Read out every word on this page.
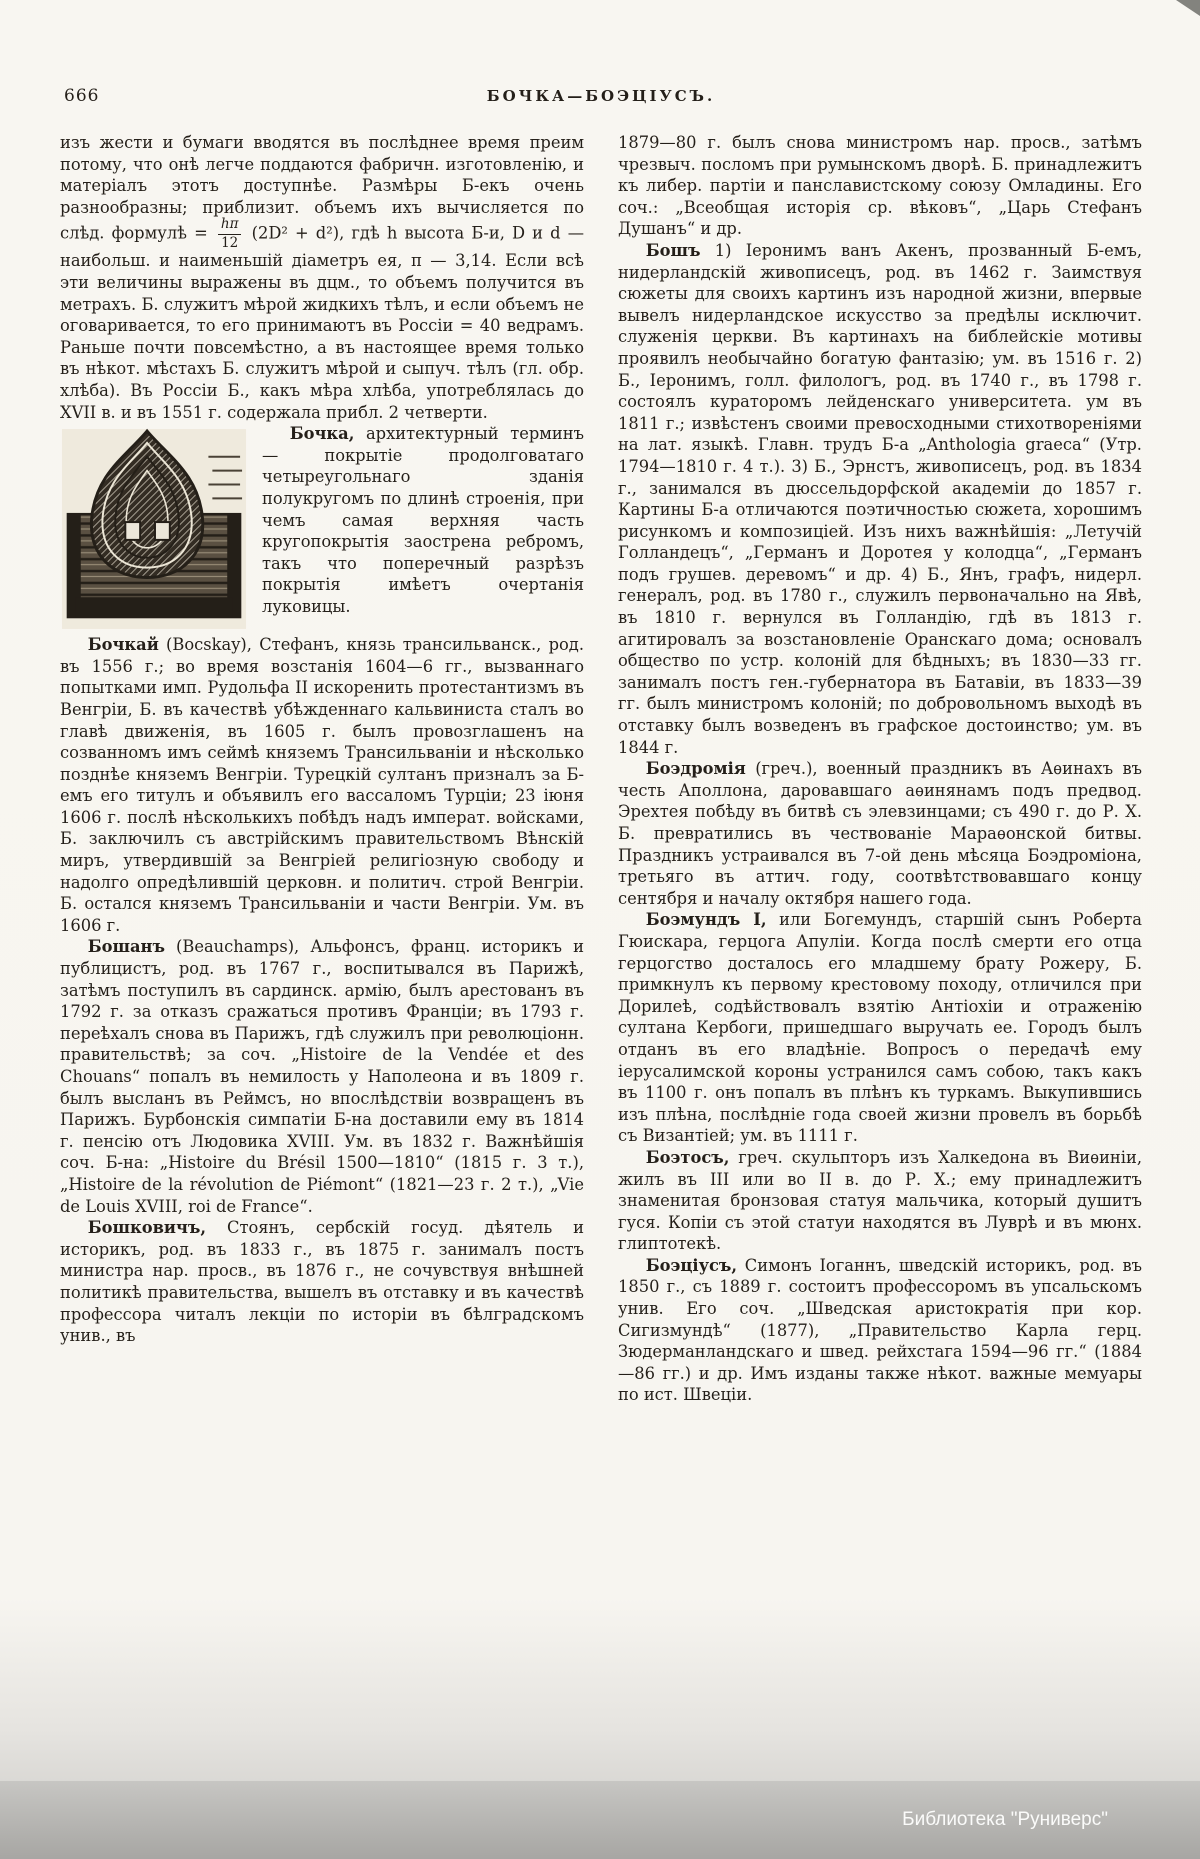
666	БОЧКА—БОЭЦІУСЪ.

изъ жести и бумаги вводятся въ послѣднее время преим потому, что онѣ легче поддаются фабричн. изготовленію, и матеріалъ этотъ доступнѣе. Размѣры Б-екъ очень разнообразны; приблизит. объемъ ихъ вычисляется по слѣд. формулѣ = $\frac{h\pi}{12} (2D^2 + d^2)$, гдѣ h высота Б-и, D и d — наибольш. и наименьшій діаметръ ея, π — 3,14. Если всѣ эти величины выражены въ дцм., то объемъ получится въ метрахъ. Б. служитъ мѣрой жидкихъ тѣлъ, и если объемъ не оговаривается, то его принимаютъ въ Россіи = 40 ведрамъ. Раньше почти повсемѣстно, а въ настоящее время только въ нѣкот. мѣстахъ Б. служитъ мѣрой и сыпуч. тѣлъ (гл. обр. хлѣба). Въ Россіи Б., какъ мѣра хлѣба, употреблялась до XVII в. и въ 1551 г. содержала прибл. 2 четверти.

Бочка, архитектурный терминъ — покрытіе продолговатаго четыреугольнаго зданія полукругомъ по длинѣ строенія, при чемъ самая верхняя часть кругопокрытія заострена ребромъ, такъ что поперечный разрѣзъ покрытія имѣетъ очертанія луковицы.

Бочкай (Bocskay), Стефанъ, князь трансильванск., род. въ 1556 г.; во время возстанія 1604—6 гг., вызваннаго попытками имп. Рудольфа II искоренить протестантизмъ въ Венгріи, Б. въ качествѣ убѣжденнаго кальвиниста сталъ во главѣ движенія, въ 1605 г. былъ провозглашенъ на созванномъ имъ сеймѣ княземъ Трансильваніи и нѣсколько позднѣе княземъ Венгріи. Турецкій султанъ призналъ за Б-емъ его титулъ и объявилъ его вассаломъ Турціи; 23 іюня 1606 г. послѣ нѣсколькихъ побѣдъ надъ императ. войсками, Б. заключилъ съ австрійскимъ правительствомъ Вѣнскій миръ, утвердившій за Венгріей религіозную свободу и надолго опредѣлившій церковн. и политич. строй Венгріи. Б. остался княземъ Трансильваніи и части Венгріи. Ум. въ 1606 г.

Бошанъ (Beauchamps), Альфонсъ, франц. историкъ и публицистъ, род. въ 1767 г., воспитывался въ Парижѣ, затѣмъ поступилъ въ сардинск. армію, былъ арестованъ въ 1792 г. за отказъ сражаться противъ Франціи; въ 1793 г. переѣхалъ снова въ Парижъ, гдѣ служилъ при революціонн. правительствѣ; за соч. „Histoire de la Vendée et des Chouans“ попалъ въ немилость у Наполеона и въ 1809 г. былъ высланъ въ Реймсъ, но впослѣдствіи возвращенъ въ Парижъ. Бурбонскія симпатіи Б-на доставили ему въ 1814 г. пенсію отъ Людовика XVIII. Ум. въ 1832 г. Важнѣйшія соч. Б-на: „Histoire du Brésil 1500—1810“ (1815 г. 3 т.), „Histoire de la révolution de Piémont“ (1821—23 г. 2 т.), „Vie de Louis XVIII, roi de France“.

Бошковичъ, Стоянъ, сербскій госуд. дѣятель и историкъ, род. въ 1833 г., въ 1875 г. занималъ постъ министра нар. просв., въ 1876 г., не сочувствуя внѣшней политикѣ правительства, вышелъ въ отставку и въ качествѣ профессора читалъ лекціи по исторіи въ бѣлградскомъ унив., въ

1879—80 г. былъ снова министромъ нар. просв., затѣмъ чрезвыч. посломъ при румынскомъ дворѣ. Б. принадлежитъ къ либер. партіи и панславистскому союзу Омладины. Его соч.: „Всеобщая исторія ср. вѣковъ“, „Царь Стефанъ Душанъ“ и др.

Бошъ 1) Іеронимъ ванъ Акенъ, прозванный Б-емъ, нидерландскій живописецъ, род. въ 1462 г. Заимствуя сюжеты для своихъ картинъ изъ народной жизни, впервые вывелъ нидерландское искусство за предѣлы исключит. служенія церкви. Въ картинахъ на библейскіе мотивы проявилъ необычайно богатую фантазію; ум. въ 1516 г. 2) Б., Іеронимъ, голл. филологъ, род. въ 1740 г., въ 1798 г. состоялъ кураторомъ лейденскаго университета. ум въ 1811 г.; извѣстенъ своими превосходными стихотвореніями на лат. языкѣ. Главн. трудъ Б-а „Anthologia graeca“ (Утр. 1794—1810 г. 4 т.). 3) Б., Эрнстъ, живописецъ, род. въ 1834 г., занимался въ дюссельдорфской академіи до 1857 г. Картины Б-а отличаются поэтичностью сюжета, хорошимъ рисункомъ и композиціей. Изъ нихъ важнѣйшія: „Летучій Голландецъ“, „Германъ и Доротея у колодца“, „Германъ подъ грушев. деревомъ“ и др. 4) Б., Янъ, графъ, нидерл. генералъ, род. въ 1780 г., служилъ первоначально на Явѣ, въ 1810 г. вернулся въ Голландію, гдѣ въ 1813 г. агитировалъ за возстановленіе Оранскаго дома; основалъ общество по устр. колоній для бѣдныхъ; въ 1830—33 гг. занималъ постъ ген.-губернатора въ Батавіи, въ 1833—39 гг. былъ министромъ колоній; по добровольномъ выходѣ въ отставку былъ возведенъ въ графское достоинство; ум. въ 1844 г.

Боэдромія (греч.), военный праздникъ въ Аѳинахъ въ честь Аполлона, даровавшаго аѳинянамъ подъ предвод. Эрехтея побѣду въ битвѣ съ элевзинцами; съ 490 г. до Р. X. Б. превратились въ чествованіе Мараѳонской битвы. Праздникъ устраивался въ 7-ой день мѣсяца Боэдроміона, третьяго въ аттич. году, соотвѣтствовавшаго концу сентября и началу октября нашего года.

Боэмундъ I, или Богемундъ, старшій сынъ Роберта Гюискара, герцога Апуліи. Когда послѣ смерти его отца герцогство досталось его младшему брату Рожеру, Б. примкнулъ къ первому крестовому походу, отличился при Дорилеѣ, содѣйствовалъ взятію Антіохіи и отраженію султана Кербоги, пришедшаго выручать ее. Городъ былъ отданъ въ его владѣніе. Вопросъ о передачѣ ему іерусалимской короны устранился самъ собою, такъ какъ въ 1100 г. онъ попалъ въ плѣнъ къ туркамъ. Выкупившись изъ плѣна, послѣдніе года своей жизни провелъ въ борьбѣ съ Византіей; ум. въ 1111 г.

Боэтосъ, греч. скульпторъ изъ Халкедона въ Виѳиніи, жилъ въ III или во II в. до Р. X.; ему принадлежитъ знаменитая бронзовая статуя мальчика, который душитъ гуся. Копіи съ этой статуи находятся въ Луврѣ и въ мюнх. глиптотекѣ.

Боэціусъ, Симонъ Іоганнъ, шведскій историкъ, род. въ 1850 г., съ 1889 г. состоитъ профессоромъ въ упсальскомъ унив. Его соч. „Шведская аристократія при кор. Сигизмундѣ“ (1877), „Правительство Карла герц. Зюдерманландскаго и швед. рейхстага 1594—96 гг.“ (1884—86 гг.) и др. Имъ изданы также нѣкот. важные мемуары по ист. Швеціи.

Библиотека "Руниверс"
